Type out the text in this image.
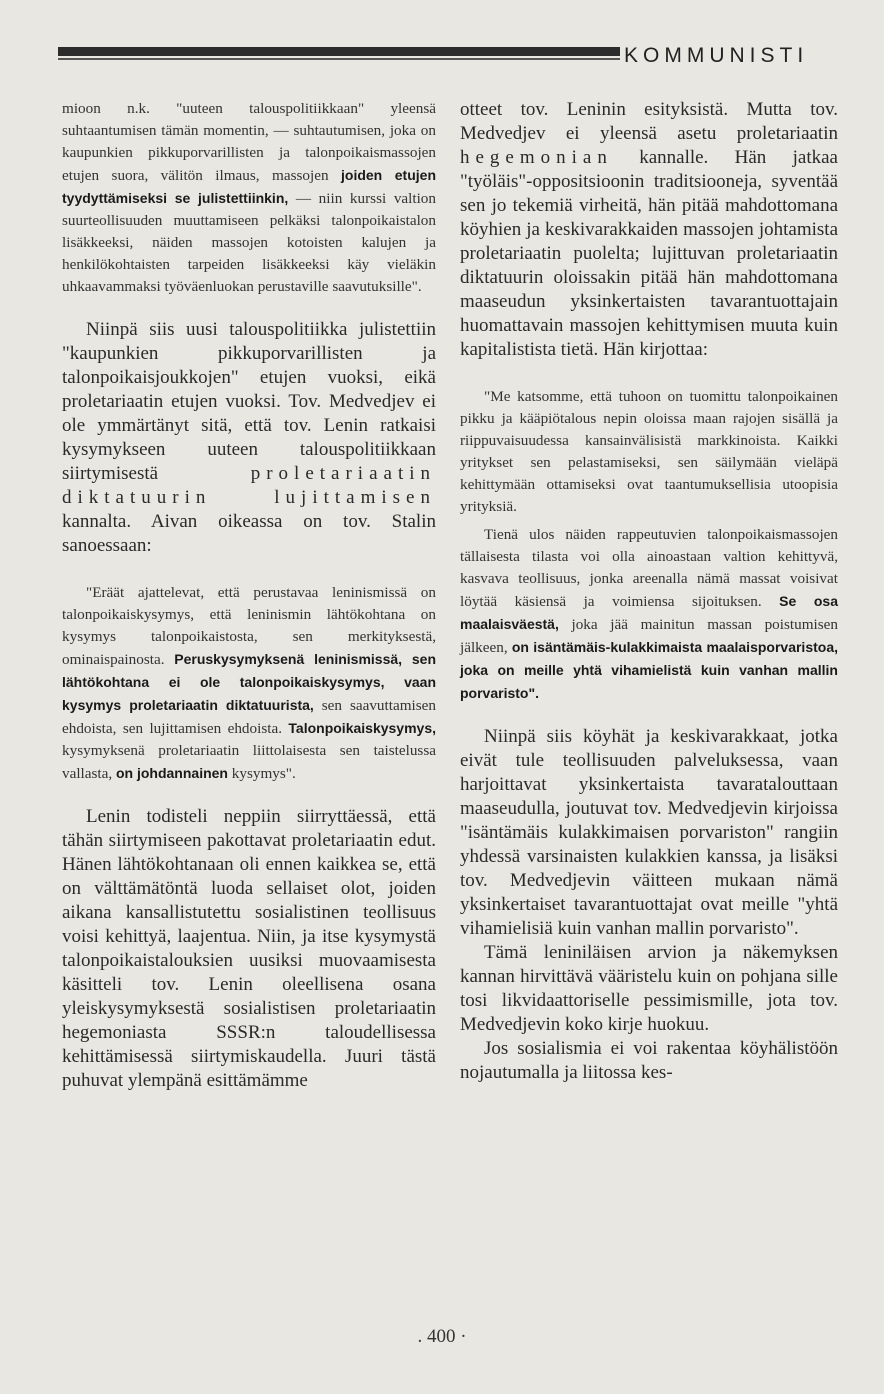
KOMMUNISTI

mioon n.k. "uuteen talouspolitiikkaan" yleensä suhtaantumisen tämän momentin, — suhtautumisen, joka on kaupunkien pikkuporvarillisten ja talonpoikaismassojen etujen suora, välitön ilmaus, massojen joiden etujen tyydyttämiseksi se julistettiinkin, — niin kurssi valtion suurteollisuuden muuttamiseen pelkäksi talonpoikaistalon lisäkkeeksi, näiden massojen kotoisten kalujen ja henkilökohtaisten tarpeiden lisäkkeeksi käy vieläkin uhkaavammaksi työväenluokan perustaville saavutuksille".

Niinpä siis uusi talouspolitiikka julistettiin "kaupunkien pikkuporvarillisten ja talonpoikaisjoukkojen" etujen vuoksi, eikä proletariaatin etujen vuoksi. Tov. Medvedjev ei ole ymmärtänyt sitä, että tov. Lenin ratkaisi kysymykseen uuteen talouspolitiikkaan siirtymisestä proletariaatin diktatuurin lujittamisen kannalta. Aivan oikeassa on tov. Stalin sanoessaan:

"Eräät ajattelevat, että perustavaa leninismissä on talonpoikaiskysymys, että leninismin lähtökohtana on kysymys talonpoikaistosta, sen merkityksestä, ominaispainosta. Peruskysymyksenä leninismissä, sen lähtökohtana ei ole talonpoikaiskysymys, vaan kysymys proletariaatin diktatuurista, sen saavuttamisen ehdoista, sen lujittamisen ehdoista. Talonpoikaiskysymys, kysymyksenä proletariaatin liittolaisesta sen taistelussa vallasta, on johdannainen kysymys".

Lenin todisteli neppiin siirryttäessä, että tähän siirtymiseen pakottavat proletariaatin edut. Hänen lähtökohtanaan oli ennen kaikkea se, että on välttämätöntä luoda sellaiset olot, joiden aikana kansallistutettu sosialistinen teollisuus voisi kehittyä, laajentua. Niin, ja itse kysymystä talonpoikaistalouksien uusiksi muovaamisesta käsitteli tov. Lenin oleellisena osana yleiskysymyksestä sosialistisen proletariaatin hegemoniasta SSSR:n taloudellisessa kehittämisessä siirtymiskaudella. Juuri tästä puhuvat ylempänä esittämämme

otteet tov. Leninin esityksistä. Mutta tov. Medvedjev ei yleensä asetu proletariaatin hegemonian kannalle. Hän jatkaa "työläis"-oppositsioonin traditsiooneja, syventää sen jo tekemiä virheitä, hän pitää mahdottomana köyhien ja keskivarakkaiden massojen johtamista proletariaatin puolelta; lujittuvan proletariaatin diktatuurin oloissakin pitää hän mahdottomana maaseudun yksinkertaisten tavarantuottajain huomattavain massojen kehittymisen muuta kuin kapitalistista tietä. Hän kirjottaa:

"Me katsomme, että tuhoon on tuomittu talonpoikainen pikku ja kääpiötalous nepin oloissa maan rajojen sisällä ja riippuvaisuudessa kansainvälisistä markkinoista. Kaikki yritykset sen pelastamiseksi, sen säilymään vieläpä kehittymään ottamiseksi ovat taantumuksellisia utoopisia yrityksiä.

Tienä ulos näiden rappeutuvien talonpoikaismassojen tällaisesta tilasta voi olla ainoastaan valtion kehittyvä, kasvava teollisuus, jonka areenalla nämä massat voisivat löytää käsiensä ja voimiensa sijoituksen. Se osa maalaisväestä, joka jää mainitun massan poistumisen jälkeen, on isäntämäis-kulakkimaista maalaisporvaristoa, joka on meille yhtä vihamielistä kuin vanhan mallin porvaristo".

Niinpä siis köyhät ja keskivarakkaat, jotka eivät tule teollisuuden palveluksessa, vaan harjoittavat yksinkertaista tavaratalouttaan maaseudulla, joutuvat tov. Medvedjevin kirjoissa "isäntämäis kulakkimaisen porvariston" rangiin yhdessä varsinaisten kulakkien kanssa, ja lisäksi tov. Medvedjevin väitteen mukaan nämä yksinkertaiset tavarantuottajat ovat meille "yhtä vihamielisiä kuin vanhan mallin porvaristo".

Tämä leniniläisen arvion ja näkemyksen kannan hirvittävä vääristelu kuin on pohjana sille tosi likvidaattoriselle pessimismille, jota tov. Medvedjevin koko kirje huokuu.

Jos sosialismia ei voi rakentaa köyhälistöön nojautumalla ja liitossa kes-

. 400 ·
